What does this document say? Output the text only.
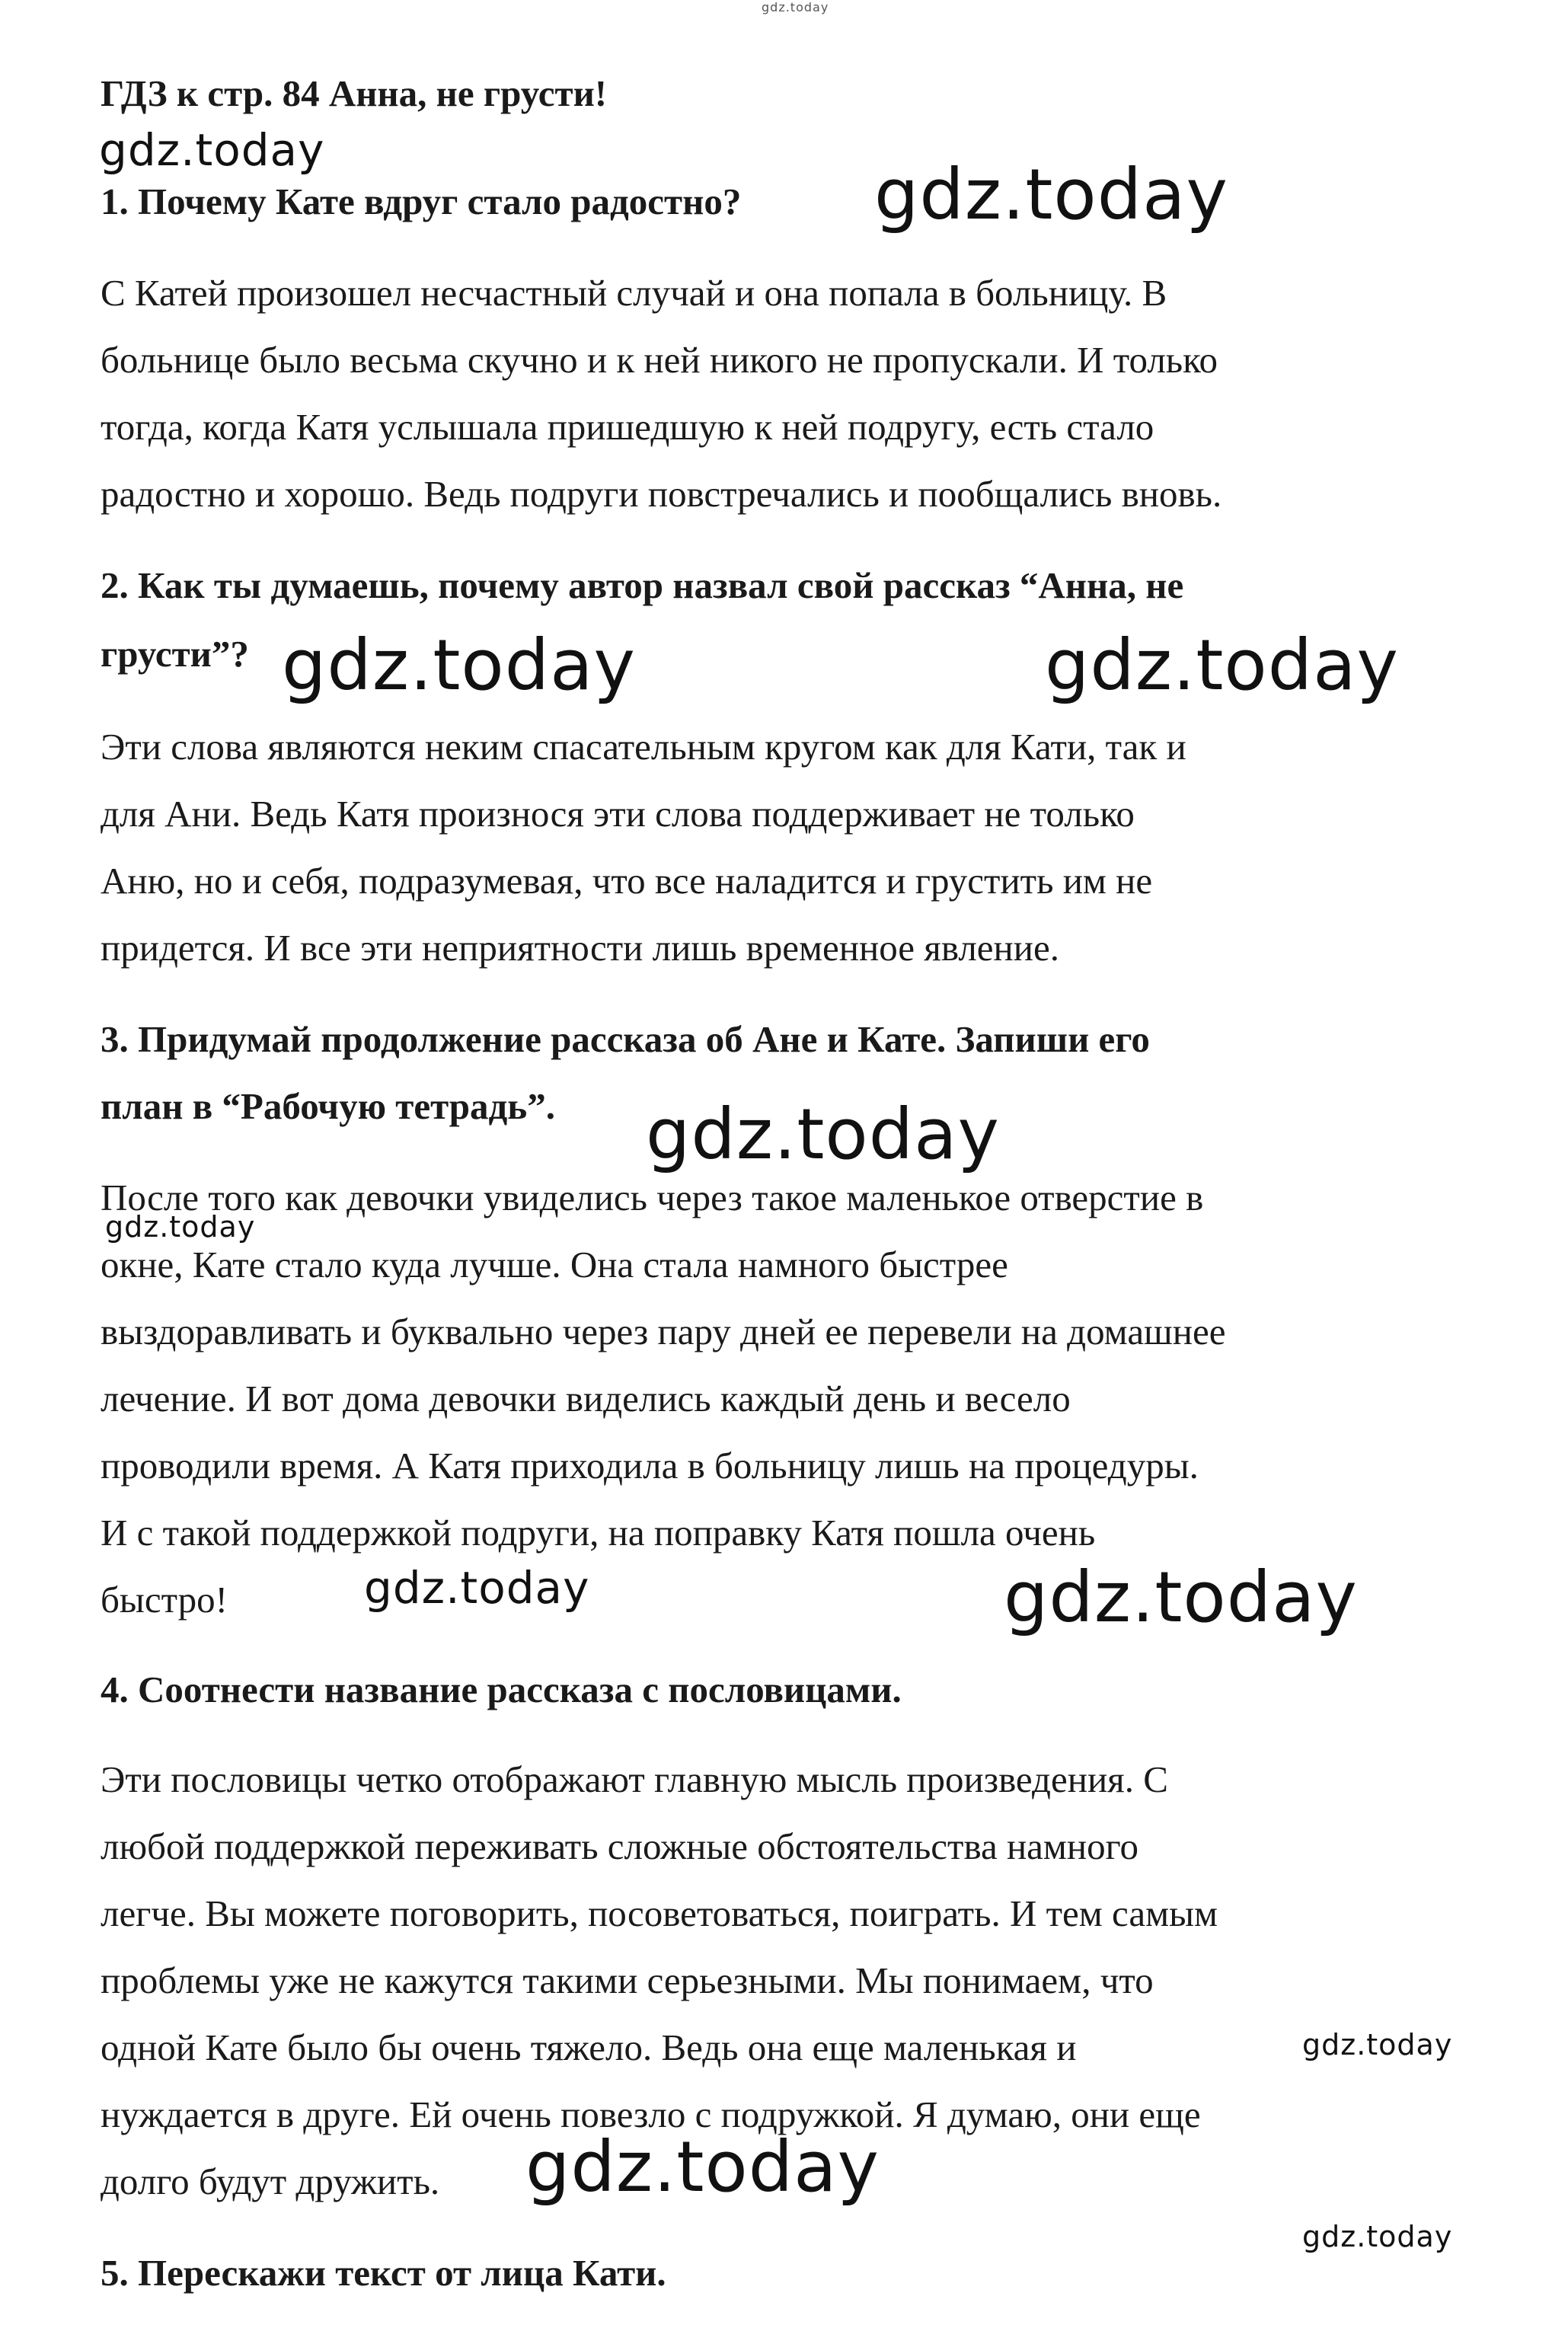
gdz.today
ГДЗ к стр. 84 Анна, не грусти!
gdz.today
1. Почему Кате вдруг стало радостно? gdz.today
С Катей произошел несчастный случай и она попала в больницу. В
больнице было весьма скучно и к ней никого не пропускали. И только
тогда, когда Катя услышала пришедшую к ней подругу, есть стало
радостно и хорошо. Ведь подруги повстречались и пообщались вновь.
2. Как ты думаешь, почему автор назвал свой рассказ “Анна, не
грусти”? gdz.today	gdz.today
Эти слова являются неким спасательным кругом как для Кати, так и
для Ани. Ведь Катя произнося эти слова поддерживает не только
Аню, но и себя, подразумевая, что все наладится и грустить им не
придется. И все эти неприятности лишь временное явление.
3. Придумай продолжение рассказа об Ане и Кате. Запиши его
план в “Рабочую тетрадь”. gdz.today
После того как девочки увиделись через такое маленькое отверстие в
gdz.today
окне, Кате стало куда лучше. Она стала намного быстрее
выздоравливать и буквально через пару дней ее перевели на домашнее
лечение. И вот дома девочки виделись каждый день и весело
проводили время. А Катя приходила в больницу лишь на процедуры.
И с такой поддержкой подруги, на поправку Катя пошла очень
быстро!	gdz.today	gdz.today
4. Соотнести название рассказа с пословицами.
Эти пословицы четко отображают главную мысль произведения. С
любой поддержкой переживать сложные обстоятельства намного
легче. Вы можете поговорить, посоветоваться, поиграть. И тем самым
проблемы уже не кажутся такими серьезными. Мы понимаем, что
одной Кате было бы очень тяжело. Ведь она еще маленькая и	gdz.today
нуждается в друге. Ей очень повезло с подружкой. Я думаю, они еще
долго будут дружить. gdz.today
gdz.today
5. Перескажи текст от лица Кати.
